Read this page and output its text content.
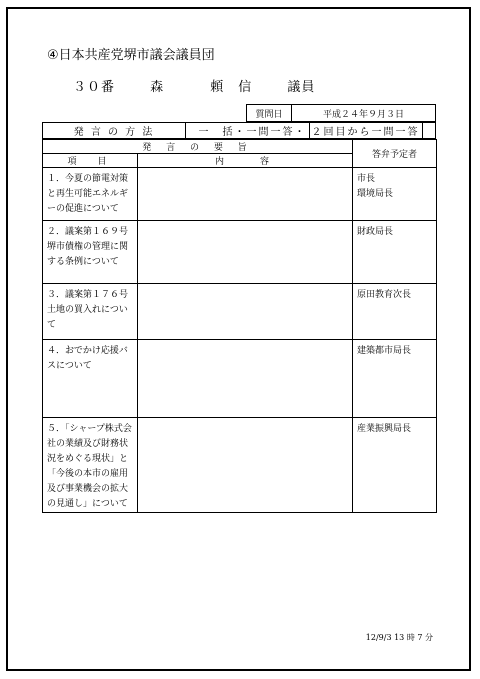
④日本共産党堺市議会議員団
３０番	森	頼　信	議員
質問日	平成２４年９月３日
発 言 の 方 法	一　括・一問一答・ ２回目から一問一答
発 言 の 要 旨		答弁予定者
項　目	内　　容	
１．今夏の節電対策と再生可能エネルギーの促進について		市長
環境局長

２．議案第１６９号　堺市債権の管理に関する条例について		財政局長

３．議案第１７６号　土地の買入れについて		原田教育次長

４．おでかけ応援バスについて		建築都市局長

５．「シャープ株式会社の業績及び財務状況をめぐる現状」と「今後の本市の雇用及び事業機会の拡大の見通し」について		産業振興局長
12/9/3 13 時 7 分
